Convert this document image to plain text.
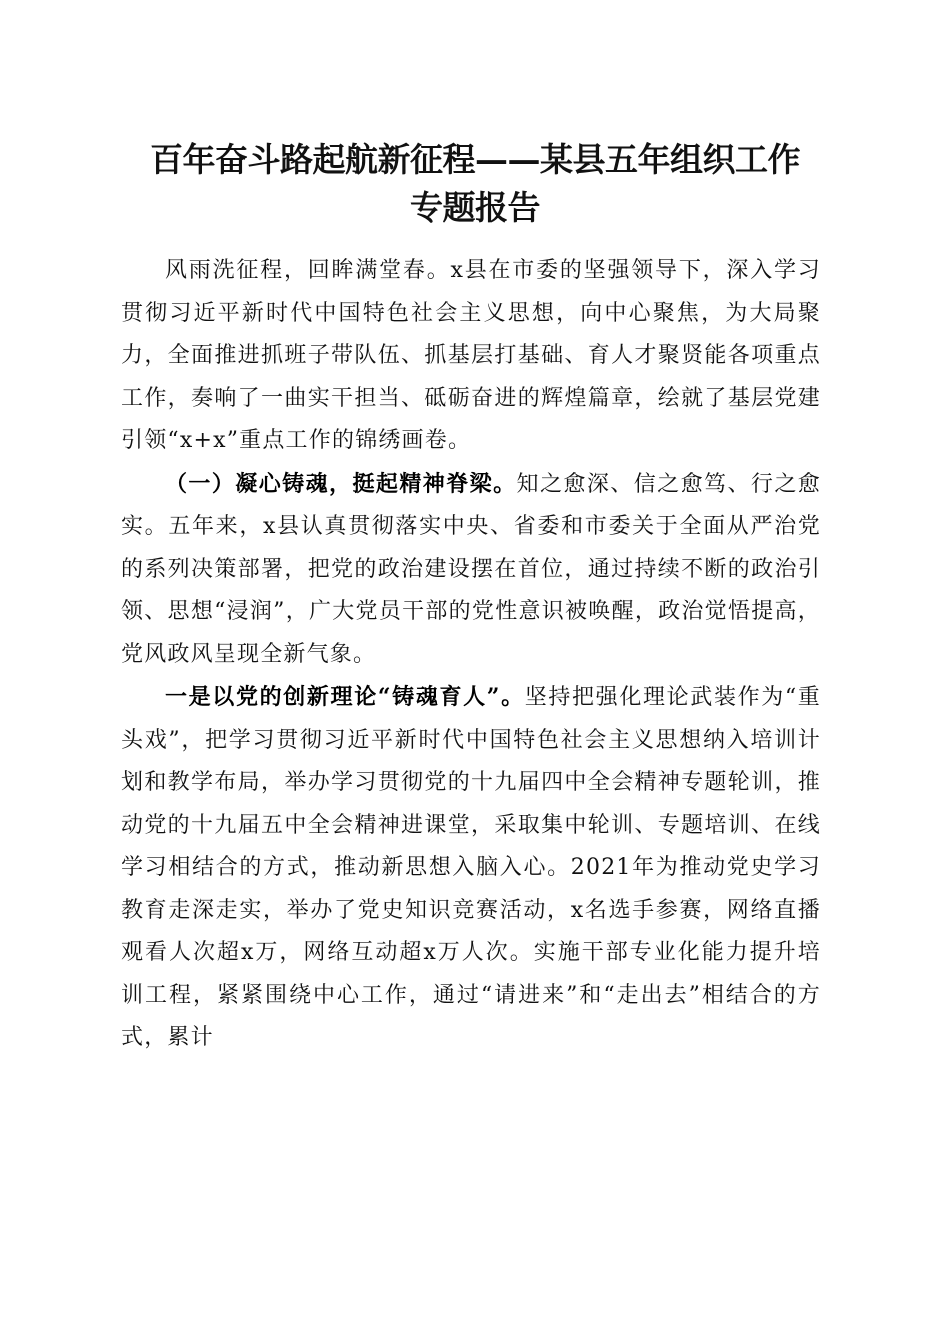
百年奋斗路起航新征程——某县五年组织工作
专题报告

风雨洗征程，回眸满堂春。x县在市委的坚强领导下，深入学习贯彻习近平新时代中国特色社会主义思想，向中心聚焦，为大局聚力，全面推进抓班子带队伍、抓基层打基础、育人才聚贤能各项重点工作，奏响了一曲实干担当、砥砺奋进的辉煌篇章，绘就了基层党建引领“x+x”重点工作的锦绣画卷。

（一）凝心铸魂，挺起精神脊梁。知之愈深、信之愈笃、行之愈实。五年来，x县认真贯彻落实中央、省委和市委关于全面从严治党的系列决策部署，把党的政治建设摆在首位，通过持续不断的政治引领、思想“浸润”，广大党员干部的党性意识被唤醒，政治觉悟提高，党风政风呈现全新气象。

一是以党的创新理论“铸魂育人”。坚持把强化理论武装作为“重头戏”，把学习贯彻习近平新时代中国特色社会主义思想纳入培训计划和教学布局，举办学习贯彻党的十九届四中全会精神专题轮训，推动党的十九届五中全会精神进课堂，采取集中轮训、专题培训、在线学习相结合的方式，推动新思想入脑入心。2021年为推动党史学习教育走深走实，举办了党史知识竞赛活动，x名选手参赛，网络直播观看人次超x万，网络互动超x万人次。实施干部专业化能力提升培训工程，紧紧围绕中心工作，通过“请进来”和“走出去”相结合的方式，累计
